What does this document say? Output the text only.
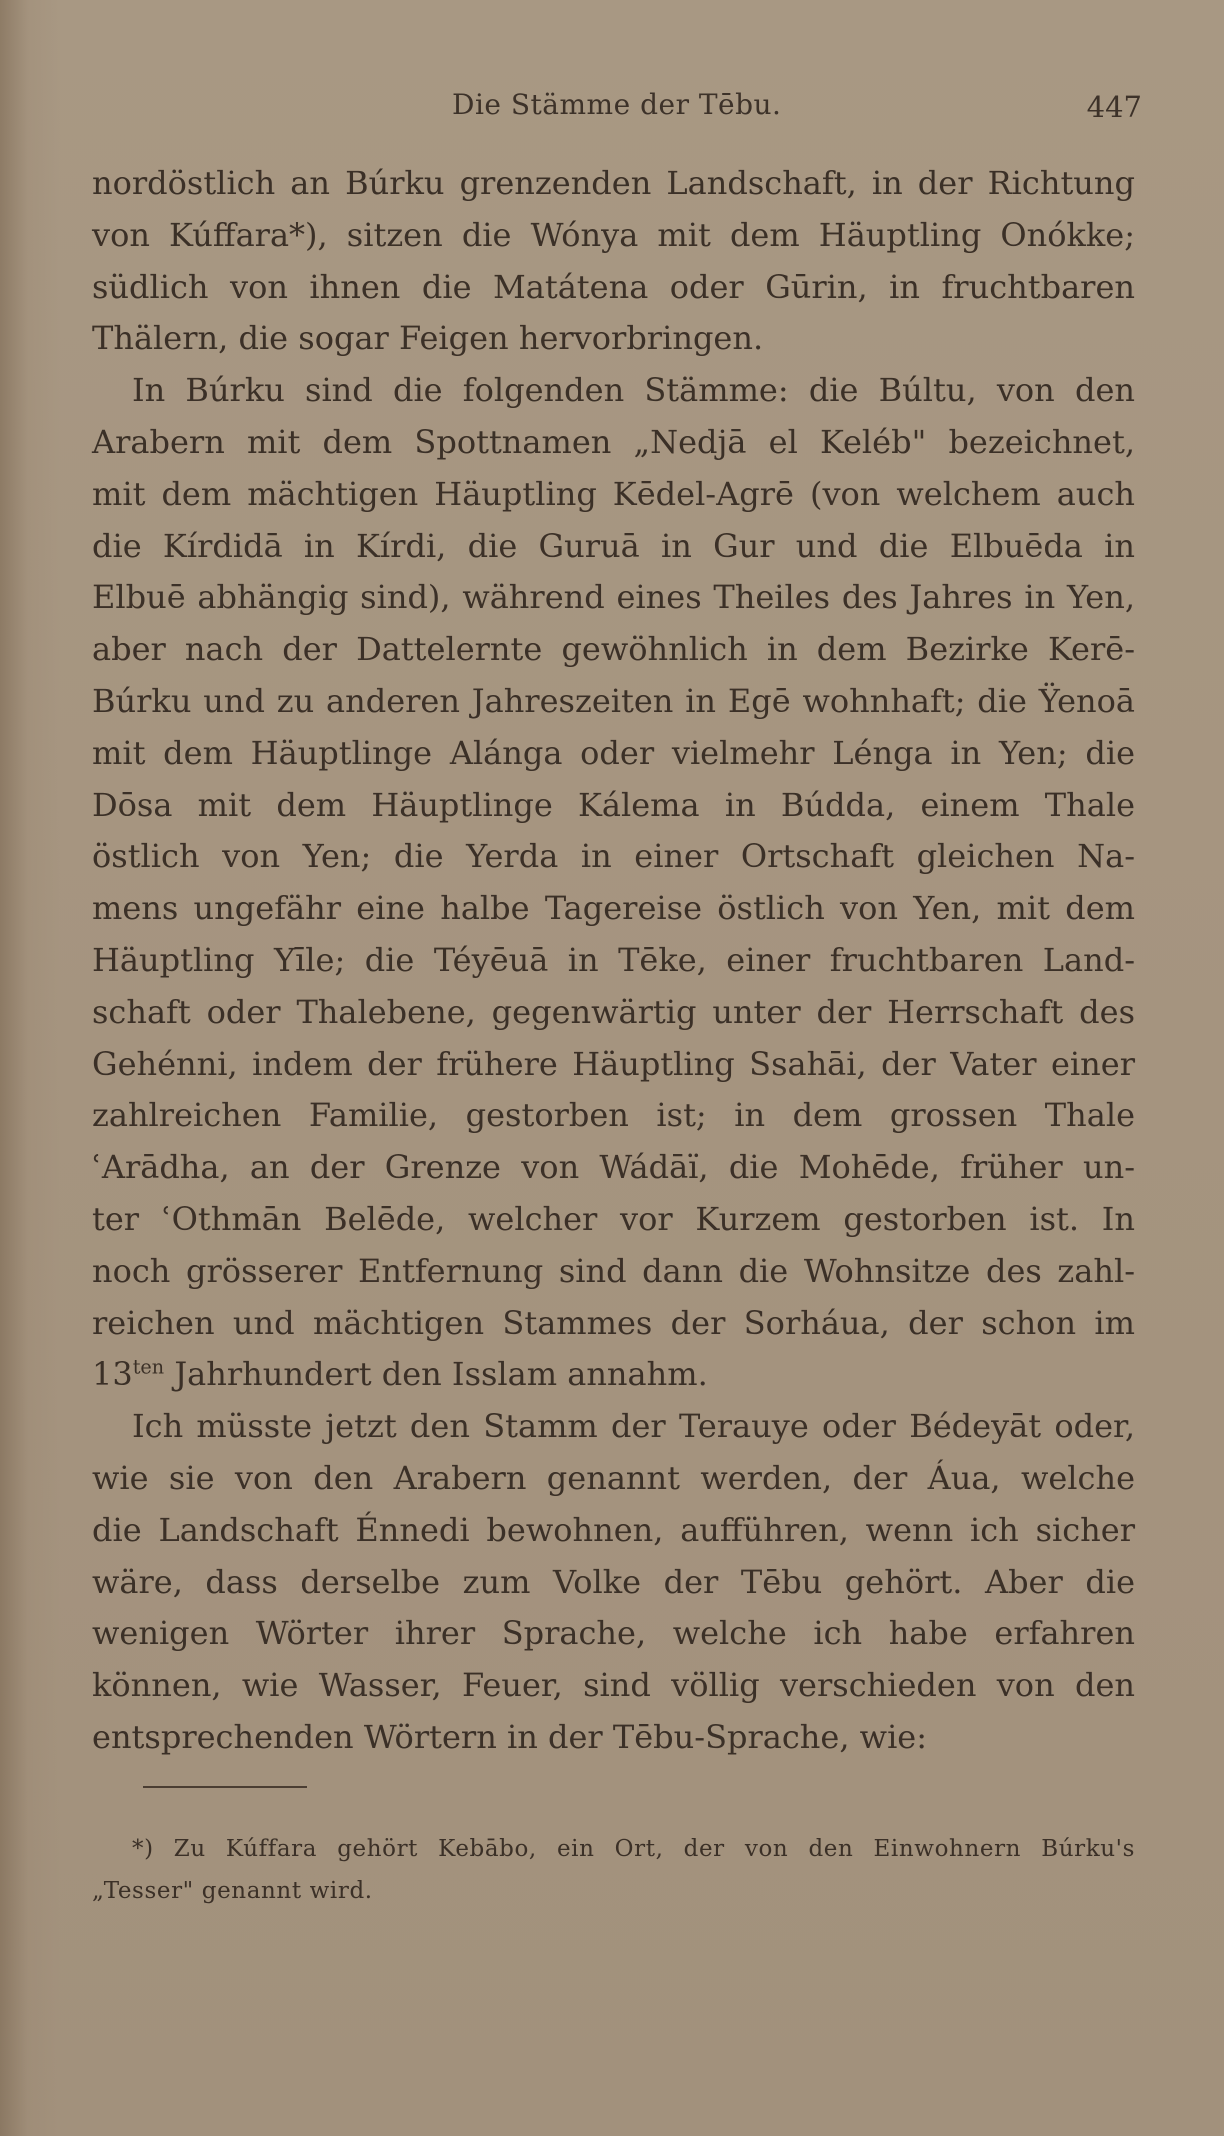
Die Stämme der Tēbu.	447
nordöstlich an Búrku grenzenden Landschaft, in der Richtung
von Kúffara*), sitzen die Wónya mit dem Häuptling Onókke;
südlich von ihnen die Matátena oder Gūrin, in fruchtbaren
Thälern, die sogar Feigen hervorbringen.
In Búrku sind die folgenden Stämme: die Búltu, von den
Arabern mit dem Spottnamen „Nedjā el Keléb" bezeichnet,
mit dem mächtigen Häuptling Kēdel-Agrē (von welchem auch
die Kírdidā in Kírdi, die Guruā in Gur und die Elbuēda in
Elbuē abhängig sind), während eines Theiles des Jahres in Yen,
aber nach der Dattelernte gewöhnlich in dem Bezirke Kerē-
Búrku und zu anderen Jahreszeiten in Egē wohnhaft; die Ÿenoā
mit dem Häuptlinge Alánga oder vielmehr Lénga in Yen; die
Dōsa mit dem Häuptlinge Kálema in Búdda, einem Thale
östlich von Yen; die Yerda in einer Ortschaft gleichen Na-
mens ungefähr eine halbe Tagereise östlich von Yen, mit dem
Häuptling Yīle; die Téyēuā in Tēke, einer fruchtbaren Land-
schaft oder Thalebene, gegenwärtig unter der Herrschaft des
Gehénni, indem der frühere Häuptling Ssahāi, der Vater einer
zahlreichen Familie, gestorben ist; in dem grossen Thale
ʿArādha, an der Grenze von Wádāï, die Mohēde, früher un-
ter ʿOthmān Belēde, welcher vor Kurzem gestorben ist. In
noch grösserer Entfernung sind dann die Wohnsitze des zahl-
reichen und mächtigen Stammes der Sorháua, der schon im
$13^{ten}$ Jahrhundert den Isslam annahm.
Ich müsste jetzt den Stamm der Terauye oder Bédeyāt oder,
wie sie von den Arabern genannt werden, der Áua, welche
die Landschaft Énnedi bewohnen, aufführen, wenn ich sicher
wäre, dass derselbe zum Volke der Tēbu gehört. Aber die
wenigen Wörter ihrer Sprache, welche ich habe erfahren
können, wie Wasser, Feuer, sind völlig verschieden von den
entsprechenden Wörtern in der Tēbu-Sprache, wie:
*) Zu Kúffara gehört Kebābo, ein Ort, der von den Einwohnern Búrku's
„Tesser" genannt wird.
